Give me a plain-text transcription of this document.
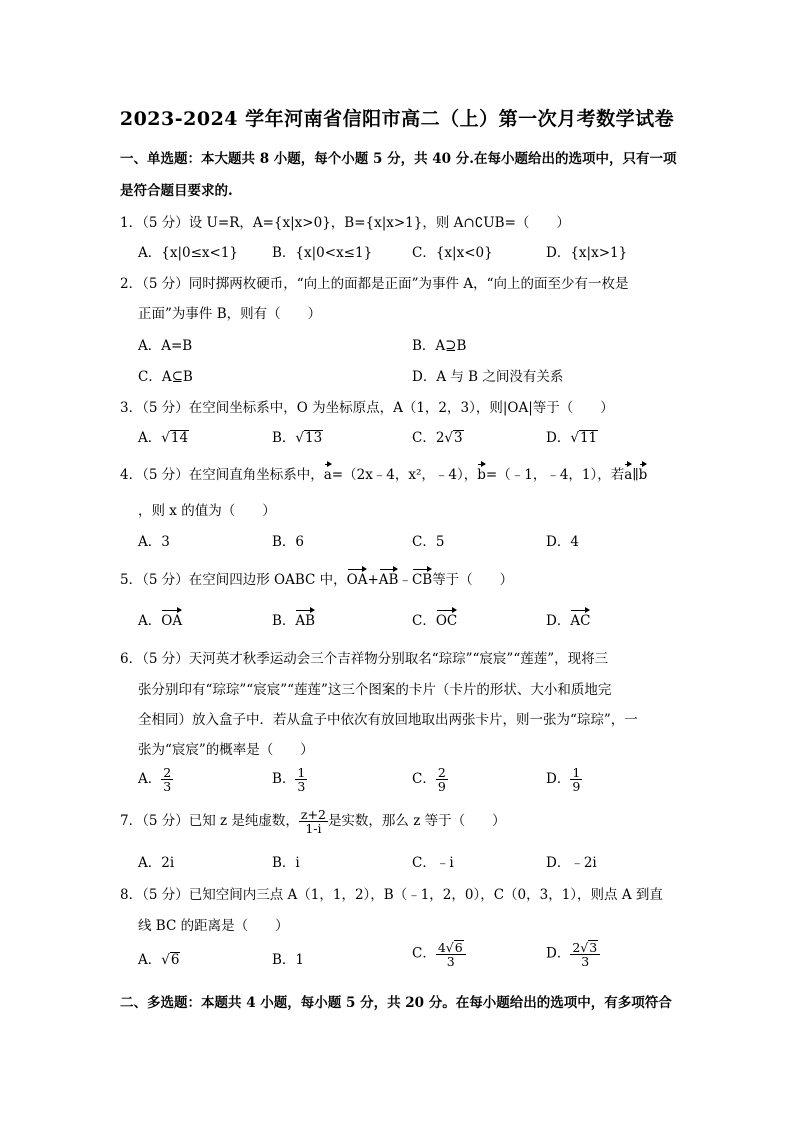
2023-2024 学年河南省信阳市高二（上）第一次月考数学试卷
一、单选题：本大题共 8 小题，每个小题 5 分，共 40 分.在每小题给出的选项中，只有一项
是符合题目要求的.
1．（5 分）设 U=R，A={x|x>0}，B={x|x>1}，则 A∩∁UB=（　　）
A．{x|0≤x<1}	B．{x|0<x≤1}	C．{x|x<0}	D．{x|x>1}
2．（5 分）同时掷两枚硬币，“向上的面都是正面”为事件 A，“向上的面至少有一枚是
正面”为事件 B，则有（　　）
A．A=B	B．A⊇B
C．A⊆B	D．A 与 B 之间没有关系
3．（5 分）在空间坐标系中，O 为坐标原点，A（1，2，3），则|OA|等于（　　）
A．√14	B．√13	C．2√3	D．√11
4．（5 分）在空间直角坐标系中，a=（2x﹣4，x²，﹣4），b=（﹣1，﹣4，1），若a∥b
，则 x 的值为（　　）
A．3	B．6	C．5	D．4
5．（5 分）在空间四边形 OABC 中，OA+AB﹣CB等于（　　）
A．OA	B．AB	C．OC	D．AC
6．（5 分）天河英才秋季运动会三个吉祥物分别取名“琮琮”“宸宸”“莲莲”，现将三
张分别印有“琮琮”“宸宸”“莲莲”这三个图案的卡片（卡片的形状、大小和质地完
全相同）放入盒子中．若从盒子中依次有放回地取出两张卡片，则一张为“琮琮”，一
张为“宸宸”的概率是（　　）
A． $\frac{2}{3}$	B． $\frac{1}{3}$	C． $\frac{2}{9}$	D． $\frac{1}{9}$
7．（5 分）已知 z 是纯虚数， $\frac{z+2}{1-i}$ 是实数，那么 z 等于（　　）
A．2i	B．i	C．﹣i	D．﹣2i
8．（5 分）已知空间内三点 A（1，1，2），B（﹣1，2，0），C（0，3，1），则点 A 到直
线 BC 的距离是（　　）
A．√6	B．1	C． $\frac{4√6}{3}$	D． $\frac{2√3}{3}$
二、多选题：本题共 4 小题，每小题 5 分，共 20 分。在每小题给出的选项中，有多项符合
